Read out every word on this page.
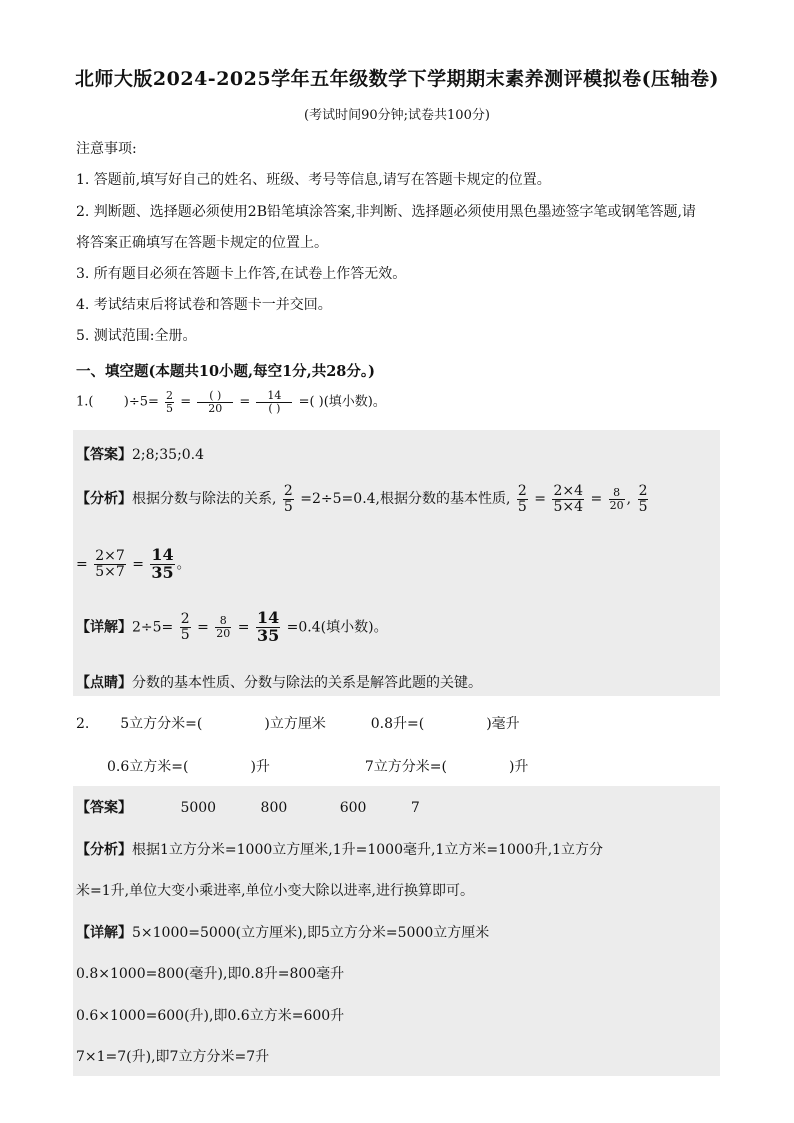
北师大版2024-2025学年五年级数学下学期期末素养测评模拟卷(压轴卷)
(考试时间90分钟;试卷共100分)
注意事项:
1. 答题前,填写好自己的姓名、班级、考号等信息,请写在答题卡规定的位置。
2. 判断题、选择题必须使用2B铅笔填涂答案,非判断、选择题必须使用黑色墨迹签字笔或钢笔答题,请
将答案正确填写在答题卡规定的位置上。
3. 所有题目必须在答题卡上作答,在试卷上作答无效。
4. 考试结束后将试卷和答题卡一并交回。
5. 测试范围:全册。
一、填空题(本题共10小题,每空1分,共28分。)
1.( )$\div 5= \frac{2}{5} = \frac{( )}{20} = \frac{14}{( )}$ =( )(填小数)。
【答案】2;8;35;0.4
【分析】根据分数与除法的关系, $\frac{2}{5} =2\div 5=0.4$,根据分数的基本性质, $\frac{2}{5} = \frac{2\times 4}{5\times 4} = \frac{8}{20}$ , $\frac{2}{5}$
= $\frac{2\times 7}{5\times 7} = \frac{14}{35}$ 。
【详解】$2\div 5= \frac{2}{5} = \frac{8}{20} = \frac{14}{35} =0.4$(填小数)。
【点睛】分数的基本性质、分数与除法的关系是解答此题的关键。
2. 5立方分米=(	)立方厘米	0.8升=(	)毫升
0.6立方米=(	)升	7立方分米=(	)升
【答案】	5000	800	600	7
【分析】根据1立方分米=1000立方厘米,1升=1000毫升,1立方米=1000升,1立方分
米=1升,单位大变小乘进率,单位小变大除以进率,进行换算即可。
【详解】5×1000=5000(立方厘米),即5立方分米=5000立方厘米
0.8×1000=800(毫升),即0.8升=800毫升
0.6×1000=600(升),即0.6立方米=600升
7×1=7(升),即7立方分米=7升
